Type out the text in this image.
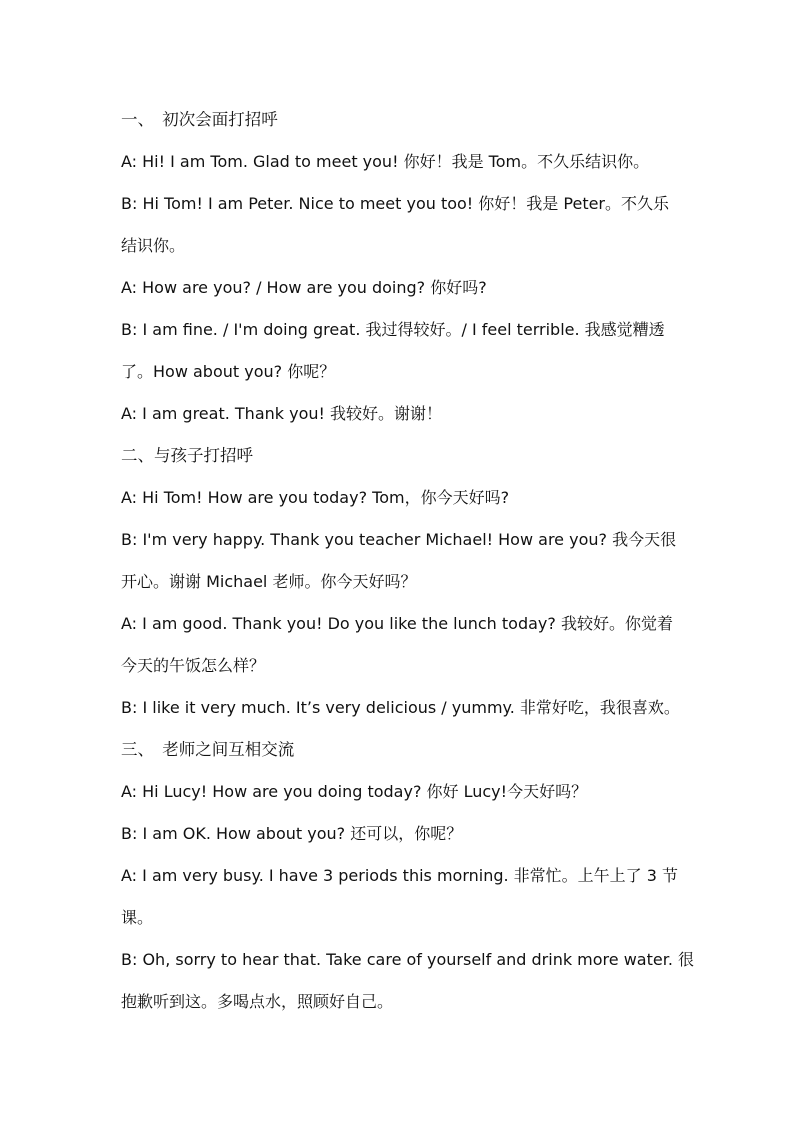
一、　初次会面打招呼
A: Hi! I am Tom. Glad to meet you! 你好！我是 Tom。不久乐结识你。
B: Hi Tom! I am Peter. Nice to meet you too! 你好！我是 Peter。不久乐
结识你。
A: How are you? / How are you doing? 你好吗?
B: I am fine. / I'm doing great. 我过得较好。/ I feel terrible. 我感觉糟透
了。How about you? 你呢？
A: I am great. Thank you! 我较好。谢谢！
二、与孩子打招呼
A: Hi Tom! How are you today? Tom，你今天好吗?
B: I'm very happy. Thank you teacher Michael! How are you? 我今天很
开心。谢谢 Michael 老师。你今天好吗？
A: I am good. Thank you! Do you like the lunch today? 我较好。你觉着
今天的午饭怎么样？
B: I like it very much. It’s very delicious / yummy. 非常好吃，我很喜欢。
三、　老师之间互相交流
A: Hi Lucy! How are you doing today? 你好 Lucy!今天好吗？
B: I am OK. How about you? 还可以，你呢？
A: I am very busy. I have 3 periods this morning. 非常忙。上午上了 3 节
课。
B: Oh, sorry to hear that. Take care of yourself and drink more water. 很
抱歉听到这。多喝点水，照顾好自己。
